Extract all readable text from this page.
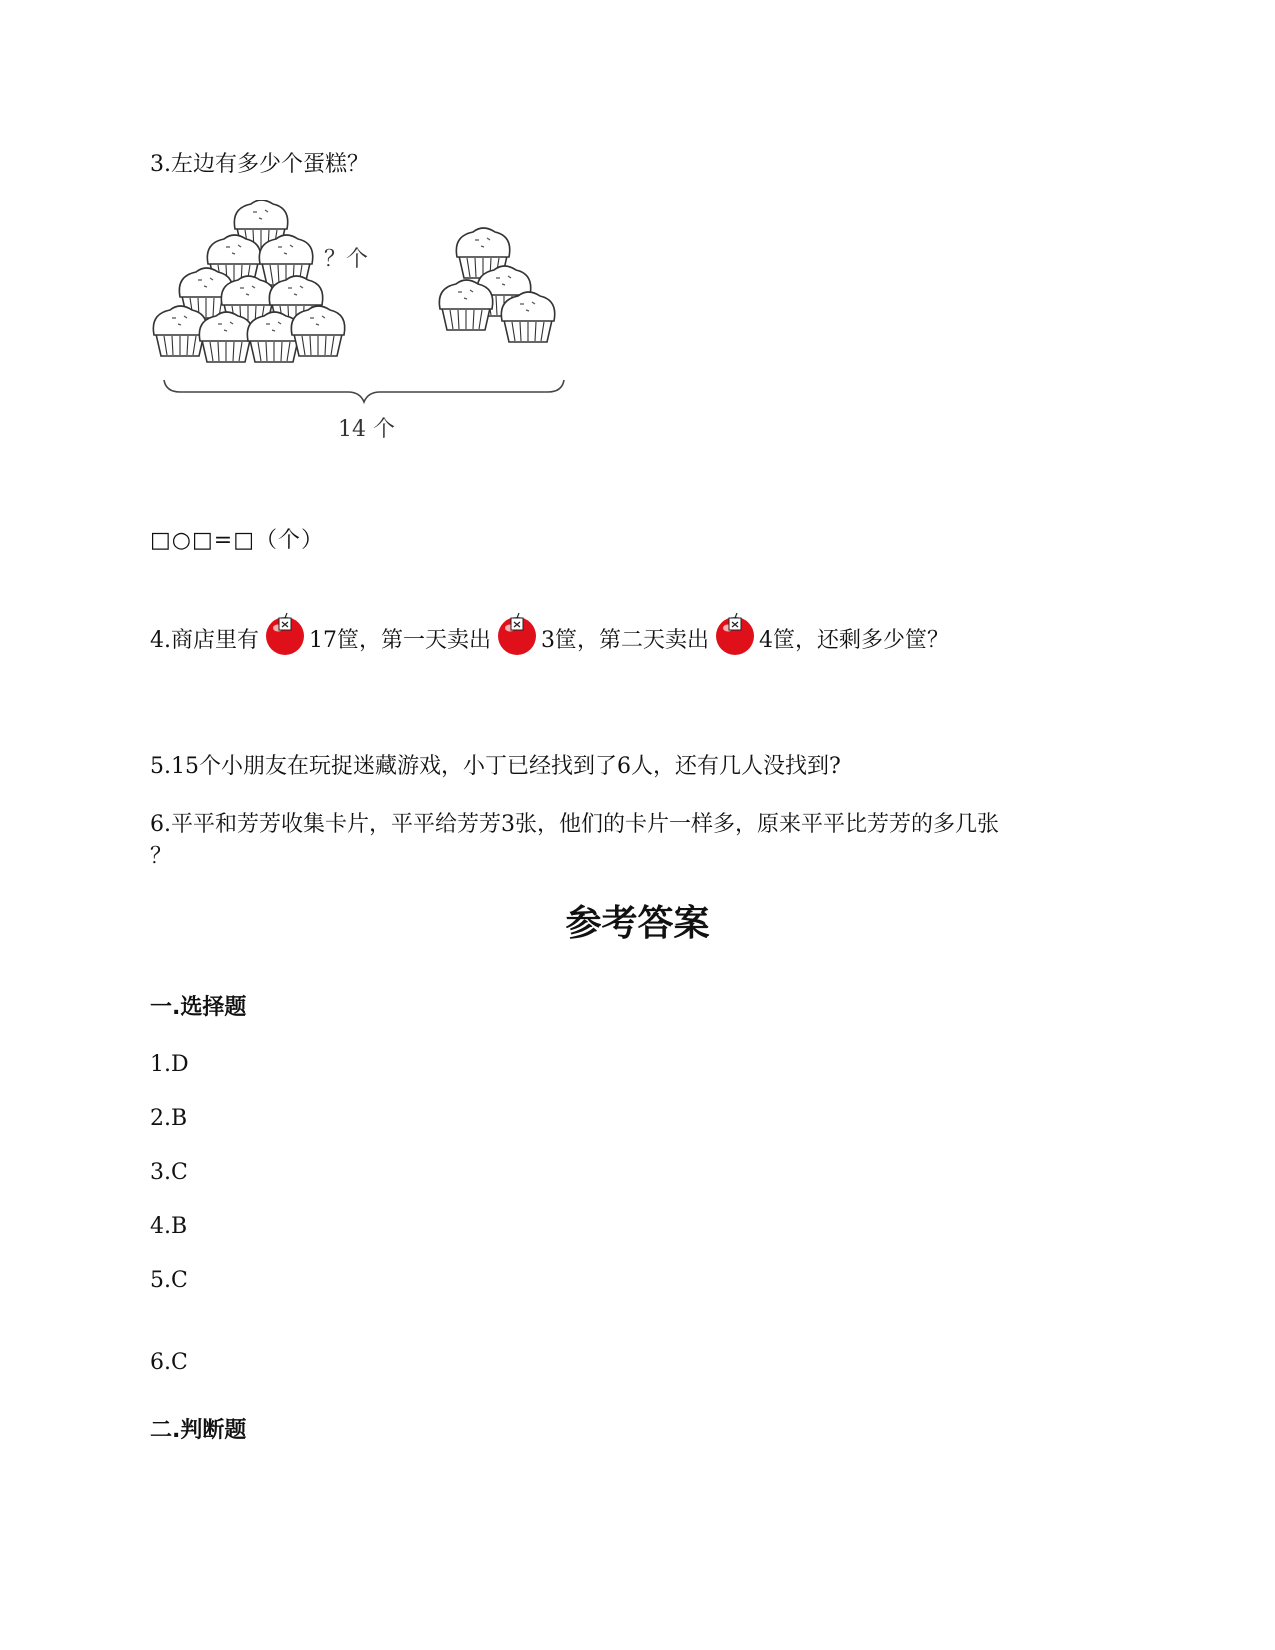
3.左边有多少个蛋糕？
？个
14 个
□○□=□（个）
4.商店里有 17筐，第一天卖出 3筐，第二天卖出 4筐，还剩多少筐？
5.15个小朋友在玩捉迷藏游戏，小丁已经找到了6人，还有几人没找到?
6.平平和芳芳收集卡片，平平给芳芳3张，他们的卡片一样多，原来平平比芳芳的多几张
？
参考答案
一.选择题
1.D
2.B
3.C
4.B
5.C
6.C
二.判断题
